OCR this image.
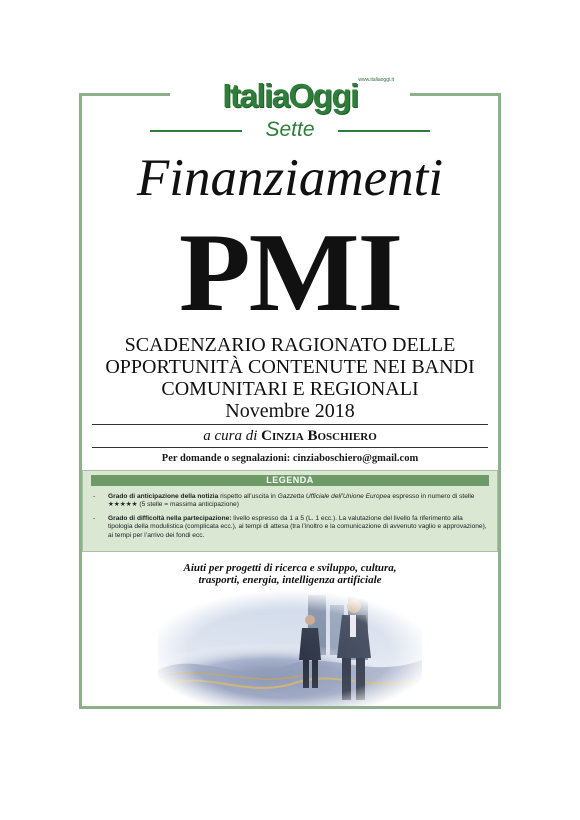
www.italiaoggi.it
ItaliaOggi
Sette
Finanziamenti
PMI
SCADENZARIO RAGIONATO DELLE
OPPORTUNITÀ CONTENUTE NEI BANDI
COMUNITARI E REGIONALI
Novembre 2018
a cura di Cinzia Boschiero
Per domande o segnalazioni: cinziaboschiero@gmail.com
LEGENDA
- Grado di anticipazione della notizia rispetto all’uscita in Gazzetta Ufficiale dell’Unione Europea espresso in numero di stelle ★★★★★ (5 stelle = massima anticipazione)
- Grado di difficoltà nella partecipazione: livello espresso da 1 a 5 (L. 1 ecc.). La valutazione del livello fa riferimento alla tipologia della modulistica (complicata ecc.), ai tempi di attesa (tra l’inoltro e la comunicazione di avvenuto vaglio e approvazione), ai tempi per l’arrivo dei fondi ecc.
Aiuti per progetti di ricerca e sviluppo, cultura,
trasporti, energia, intelligenza artificiale
